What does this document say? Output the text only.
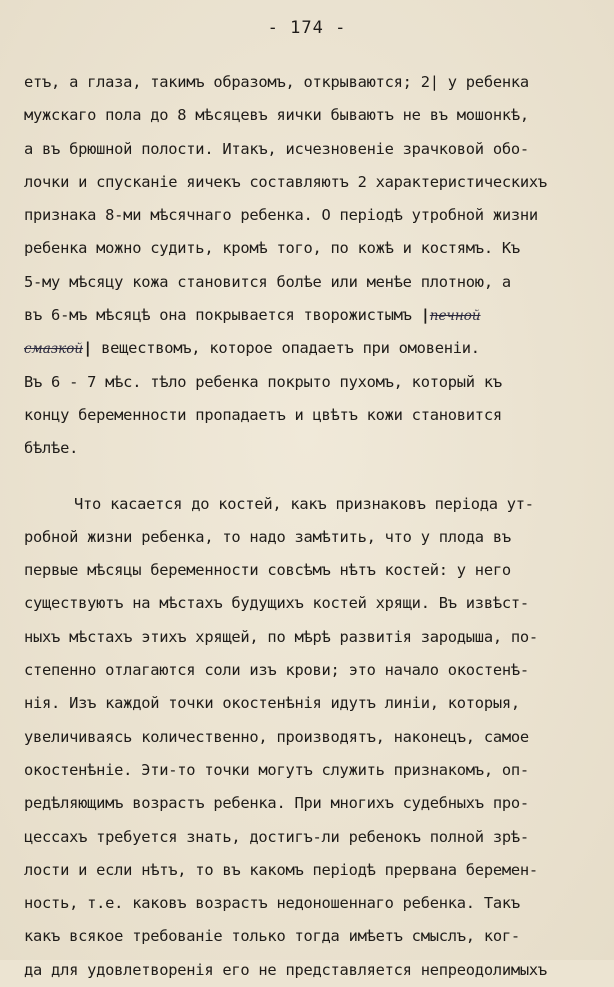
- 174 -
етъ, а глаза, такимъ образомъ, открываются; 2| у ребенка
мужскаго пола до 8 мѣсяцевъ яички бываютъ не въ мошонкѣ,
а въ брюшной полости. Итакъ, исчезновеніе зрачковой обо-
лочки и спусканіе яичекъ составляютъ 2 характеристическихъ
признака 8-ми мѣсячнаго ребенка. О періодѣ утробной жизни
ребенка можно судить, кромѣ того, по кожѣ и костямъ. Къ
5-му мѣсяцу кожа становится болѣе или менѣе плотною, а
въ 6-мъ мѣсяцѣ она покрывается творожистымъ |печной
смазкой| веществомъ, которое опадаетъ при омовеніи.
Въ 6 - 7 мѣс. тѣло ребенка покрыто пухомъ, который къ
концу беременности пропадаетъ и цвѣтъ кожи становится
бѣлѣе.
Что касается до костей, какъ признаковъ періода ут-
робной жизни ребенка, то надо замѣтить, что у плода въ
первые мѣсяцы беременности совсѣмъ нѣтъ костей: у него
существуютъ на мѣстахъ будущихъ костей хрящи. Въ извѣст-
ныхъ мѣстахъ этихъ хрящей, по мѣрѣ развитія зародыша, по-
степенно отлагаются соли изъ крови; это начало окостенѣ-
нія. Изъ каждой точки окостенѣнія идутъ линіи, которыя,
увеличиваясь количественно, производятъ, наконецъ, самое
окостенѣніе. Эти-то точки могутъ служить признакомъ, оп-
редѣляющимъ возрастъ ребенка. При многихъ судебныхъ про-
цессахъ требуется знать, достигъ-ли ребенокъ полной зрѣ-
лости и если нѣтъ, то въ какомъ періодѣ прервана беремен-
ность, т.е. каковъ возрастъ недоношеннаго ребенка. Такъ
какъ всякое требованіе только тогда имѣетъ смыслъ, ког-
да для удовлетворенія его не представляется непреодолимыхъ
